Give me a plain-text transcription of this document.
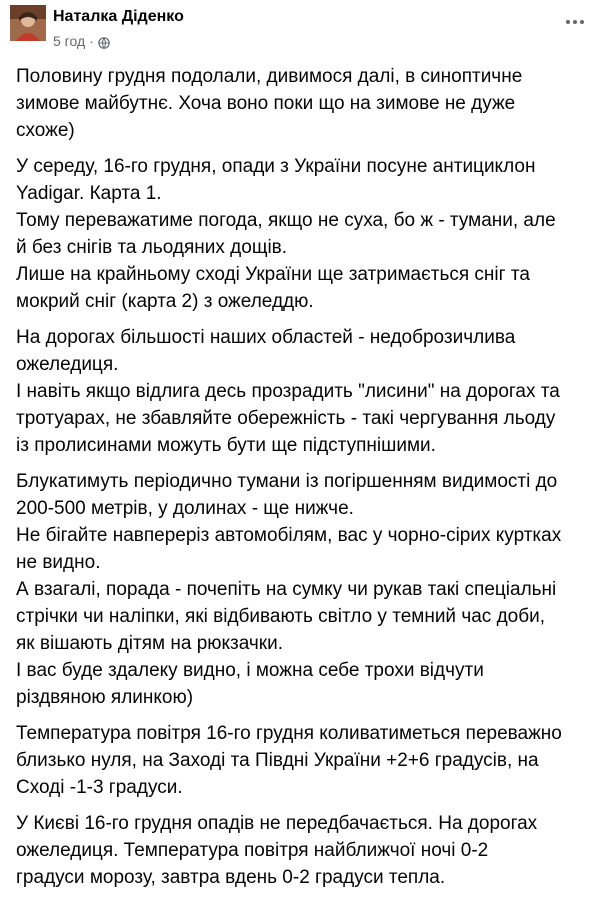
Наталка Діденко
5 год ·
Половину грудня подолали, дивимося далі, в синоптичне
зимове майбутнє. Хоча воно поки що на зимове не дуже
схоже)
У середу, 16-го грудня, опади з України посуне антициклон
Yadigar. Карта 1.
Тому переважатиме погода, якщо не суха, бо ж - тумани, але
й без снігів та льодяних дощів.
Лише на крайньому сході України ще затримається сніг та
мокрий сніг (карта 2) з ожеледдю.
На дорогах більшості наших областей - недоброзичлива
ожеледиця.
І навіть якщо відлига десь прозрадить "лисини" на дорогах та
тротуарах, не збавляйте обережність - такі чергування льоду
із пролисинами можуть бути ще підступнішими.
Блукатимуть періодично тумани із погіршенням видимості до
200-500 метрів, у долинах - ще нижче.
Не бігайте навпереріз автомобілям, вас у чорно-сірих куртках
не видно.
А взагалі, порада - почепіть на сумку чи рукав такі спеціальні
стрічки чи наліпки, які відбивають світло у темний час доби,
як вішають дітям на рюкзачки.
І вас буде здалеку видно, і можна себе трохи відчути
різдвяною ялинкою)
Температура повітря 16-го грудня коливатиметься переважно
близько нуля, на Заході та Півдні України +2+6 градусів, на
Сході -1-3 градуси.
У Києві 16-го грудня опадів не передбачається. На дорогах
ожеледиця. Температура повітря найближчої ночі 0-2
градуси морозу, завтра вдень 0-2 градуси тепла.
